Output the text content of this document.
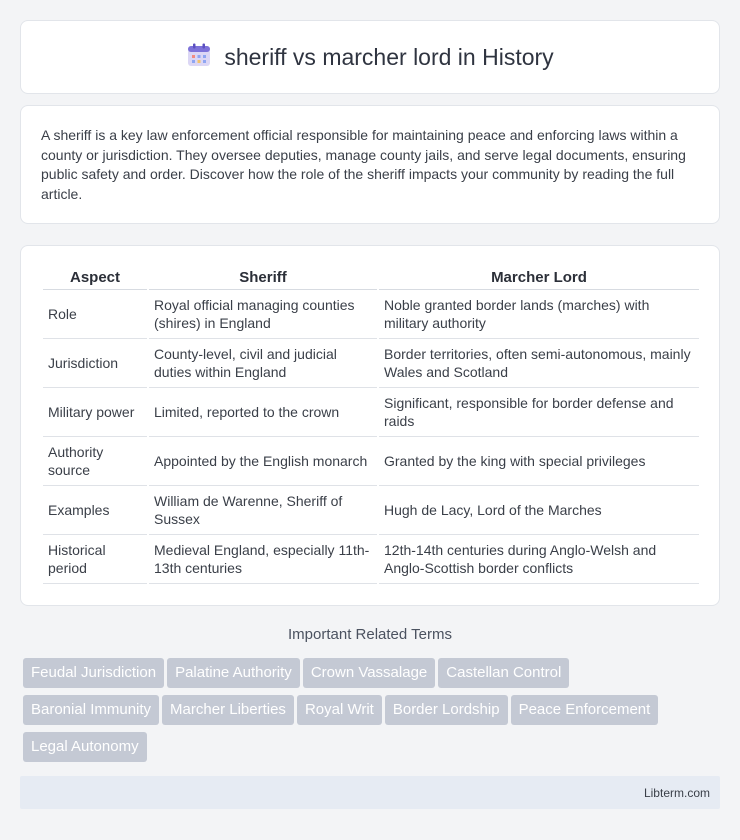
sheriff vs marcher lord in History
A sheriff is a key law enforcement official responsible for maintaining peace and enforcing laws within a county or jurisdiction. They oversee deputies, manage county jails, and serve legal documents, ensuring public safety and order. Discover how the role of the sheriff impacts your community by reading the full article.
Aspect	Sheriff	Marcher Lord
Role	Royal official managing counties (shires) in England	Noble granted border lands (marches) with military authority
Jurisdiction	County-level, civil and judicial duties within England	Border territories, often semi-autonomous, mainly Wales and Scotland
Military power	Limited, reported to the crown	Significant, responsible for border defense and raids
Authority source	Appointed by the English monarch	Granted by the king with special privileges
Examples	William de Warenne, Sheriff of Sussex	Hugh de Lacy, Lord of the Marches
Historical period	Medieval England, especially 11th-13th centuries	12th-14th centuries during Anglo-Welsh and Anglo-Scottish border conflicts
Important Related Terms
Feudal Jurisdiction Palatine Authority Crown Vassalage Castellan Control
Baronial Immunity Marcher Liberties Royal Writ Border Lordship Peace Enforcement
Legal Autonomy
Libterm.com
